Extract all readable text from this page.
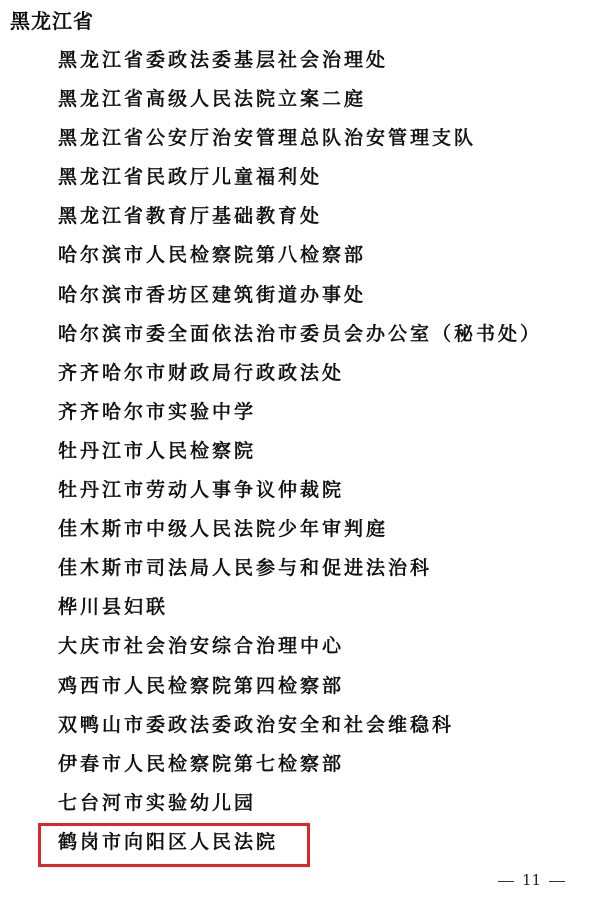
黑龙江省
黑龙江省委政法委基层社会治理处
黑龙江省高级人民法院立案二庭
黑龙江省公安厅治安管理总队治安管理支队
黑龙江省民政厅儿童福利处
黑龙江省教育厅基础教育处
哈尔滨市人民检察院第八检察部
哈尔滨市香坊区建筑街道办事处
哈尔滨市委全面依法治市委员会办公室（秘书处）
齐齐哈尔市财政局行政政法处
齐齐哈尔市实验中学
牡丹江市人民检察院
牡丹江市劳动人事争议仲裁院
佳木斯市中级人民法院少年审判庭
佳木斯市司法局人民参与和促进法治科
桦川县妇联
大庆市社会治安综合治理中心
鸡西市人民检察院第四检察部
双鸭山市委政法委政治安全和社会维稳科
伊春市人民检察院第七检察部
七台河市实验幼儿园
鹤岗市向阳区人民法院
11
